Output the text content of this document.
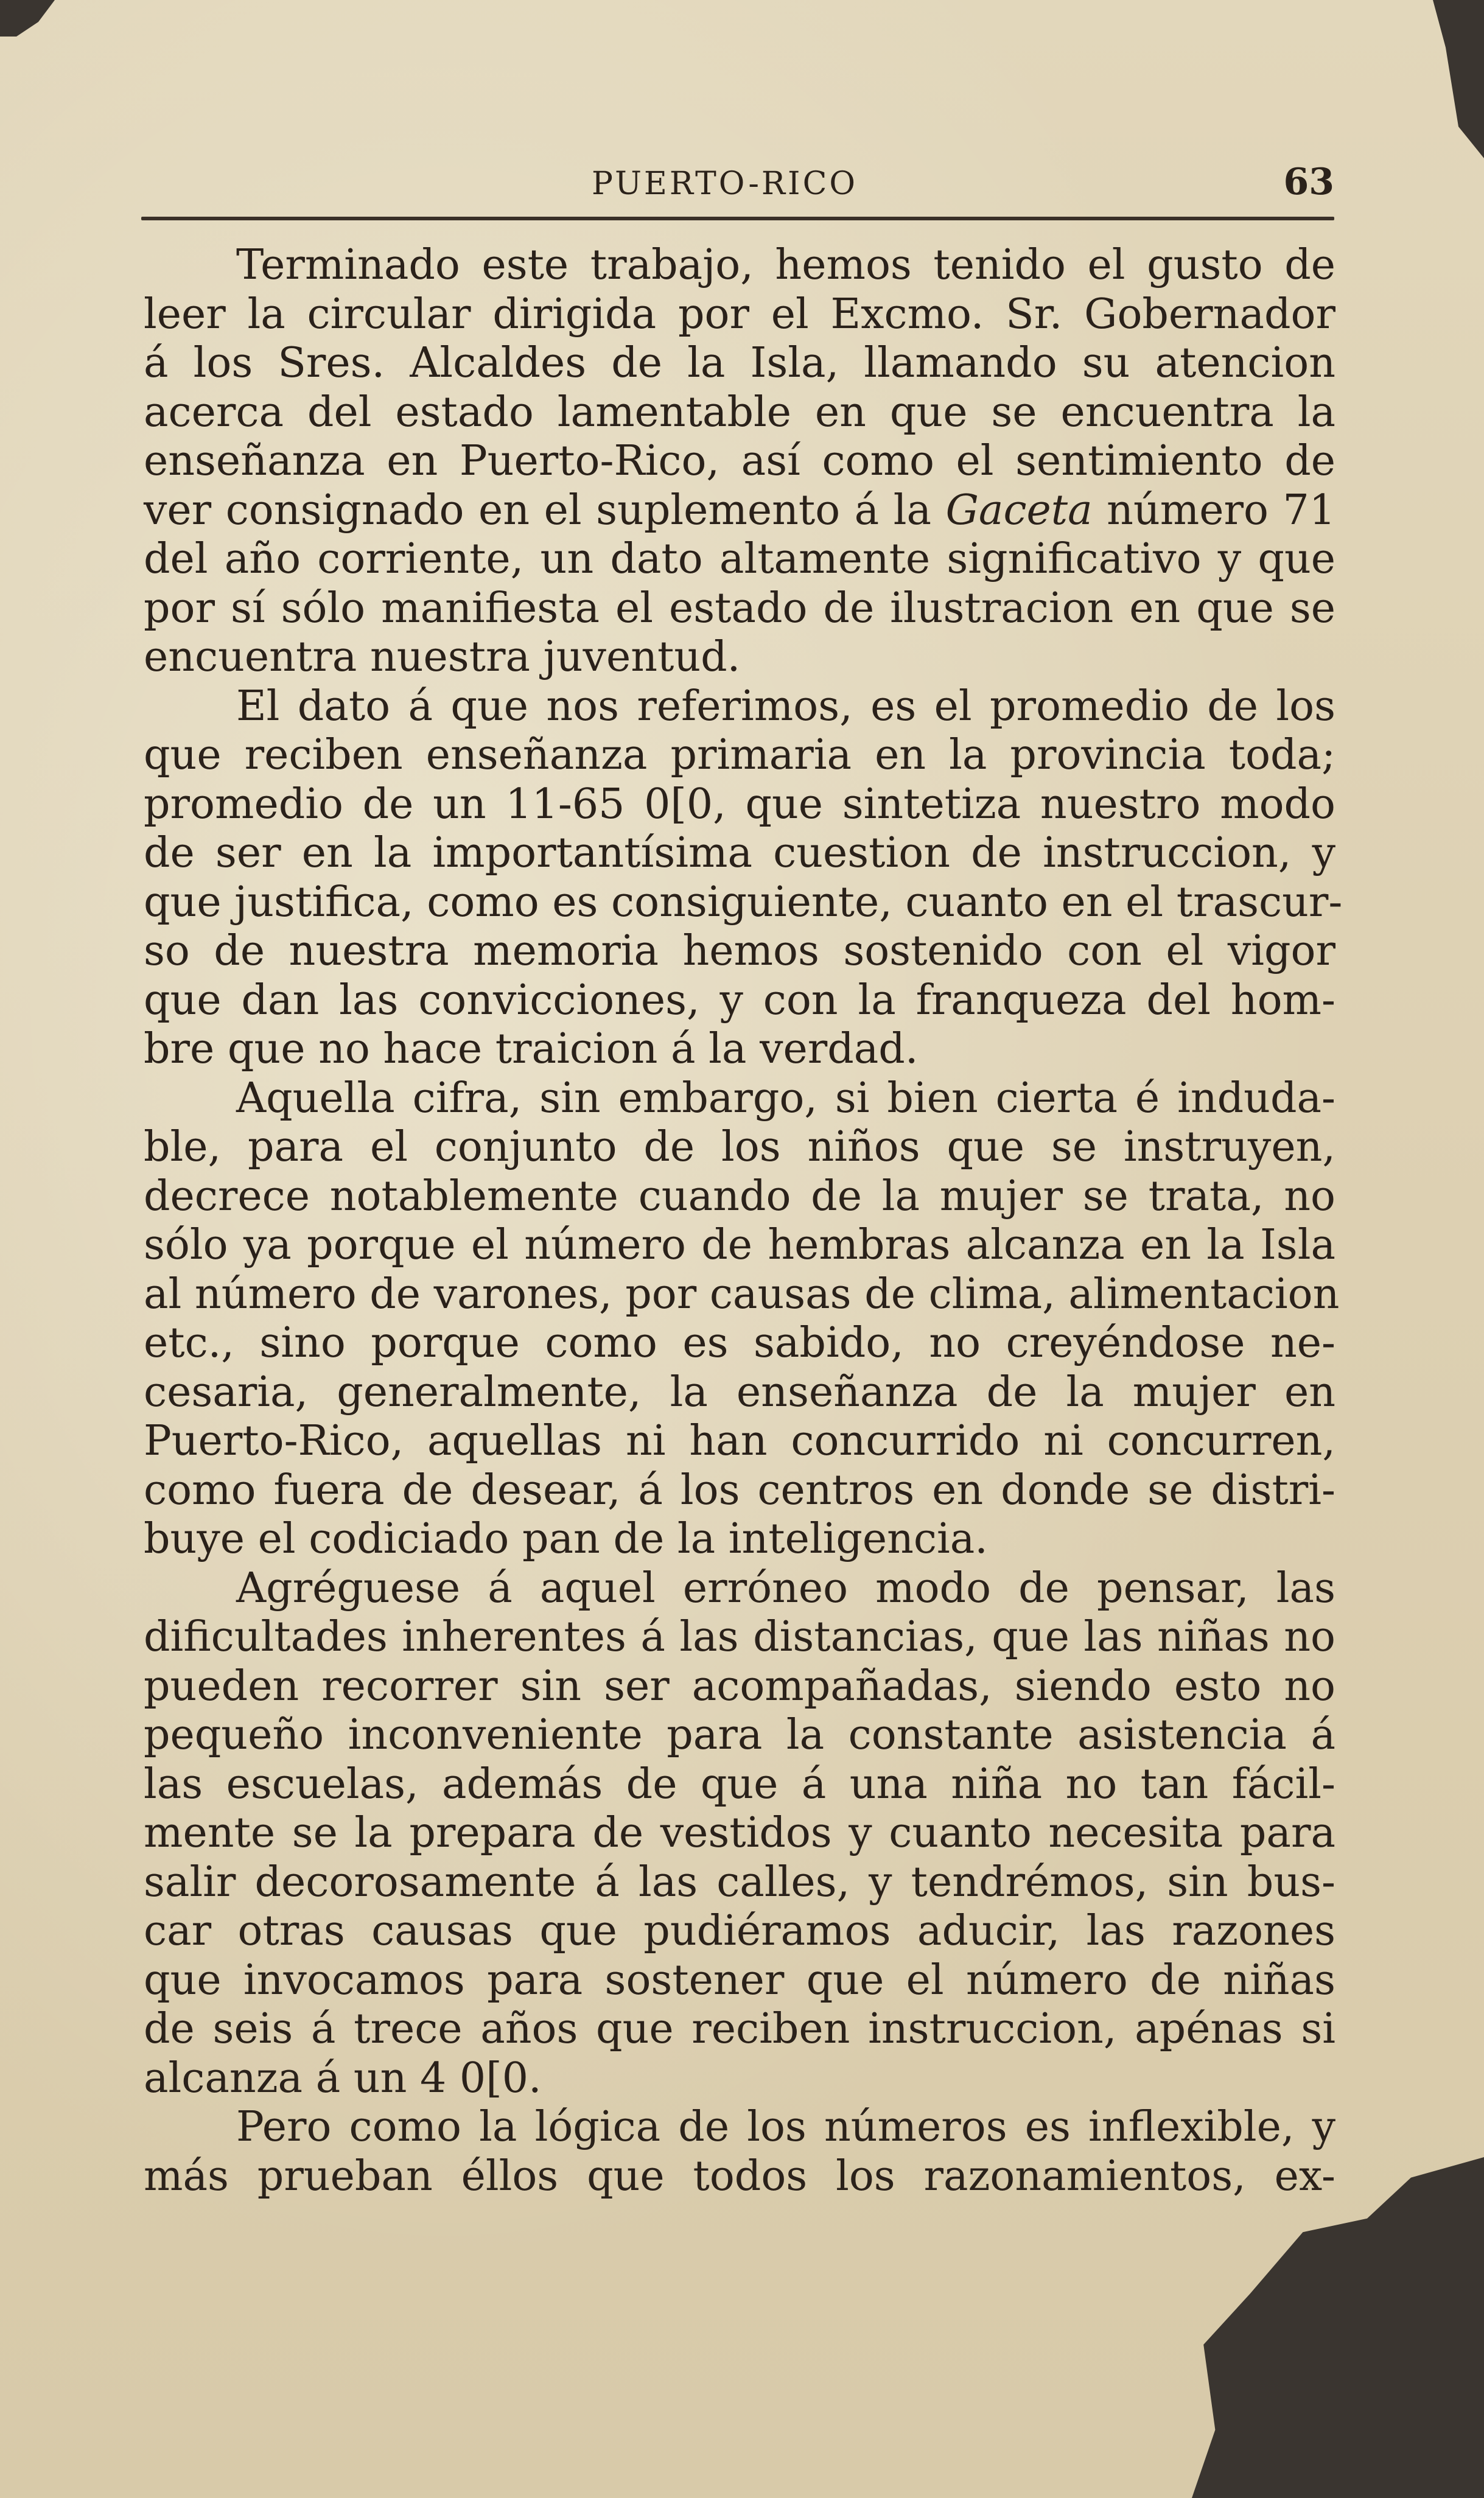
PUERTO-RICO	63
Terminado este trabajo, hemos tenido el gusto de
leer la circular dirigida por el Excmo. Sr. Gobernador
á los Sres. Alcaldes de la Isla, llamando su atencion
acerca del estado lamentable en que se encuentra la
enseñanza en Puerto-Rico, así como el sentimiento de
ver consignado en el suplemento á la Gaceta número 71
del año corriente, un dato altamente significativo y que
por sí sólo manifiesta el estado de ilustracion en que se
encuentra nuestra juventud.
El dato á que nos referimos, es el promedio de los
que reciben enseñanza primaria en la provincia toda;
promedio de un 11-65 0[0, que sintetiza nuestro modo
de ser en la importantísima cuestion de instruccion, y
que justifica, como es consiguiente, cuanto en el trascur-
so de nuestra memoria hemos sostenido con el vigor
que dan las convicciones, y con la franqueza del hom-
bre que no hace traicion á la verdad.
Aquella cifra, sin embargo, si bien cierta é induda-
ble, para el conjunto de los niños que se instruyen,
decrece notablemente cuando de la mujer se trata, no
sólo ya porque el número de hembras alcanza en la Isla
al número de varones, por causas de clima, alimentacion
etc., sino porque como es sabido, no creyéndose ne-
cesaria, generalmente, la enseñanza de la mujer en
Puerto-Rico, aquellas ni han concurrido ni concurren,
como fuera de desear, á los centros en donde se distri-
buye el codiciado pan de la inteligencia.
Agréguese á aquel erróneo modo de pensar, las
dificultades inherentes á las distancias, que las niñas no
pueden recorrer sin ser acompañadas, siendo esto no
pequeño inconveniente para la constante asistencia á
las escuelas, además de que á una niña no tan fácil-
mente se la prepara de vestidos y cuanto necesita para
salir decorosamente á las calles, y tendrémos, sin bus-
car otras causas que pudiéramos aducir, las razones
que invocamos para sostener que el número de niñas
de seis á trece años que reciben instruccion, apénas si
alcanza á un 4 0[0.
Pero como la lógica de los números es inflexible, y
más prueban éllos que todos los razonamientos, ex-
